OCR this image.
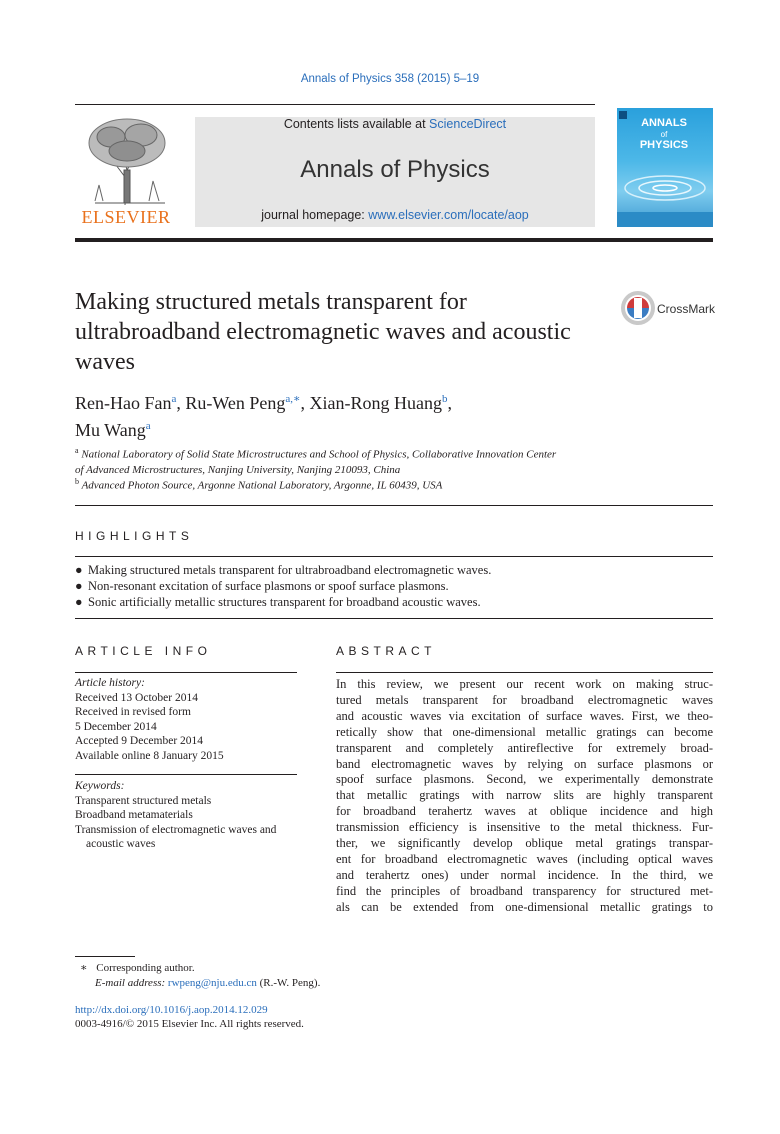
Annals of Physics 358 (2015) 5–19
ELSEVIER
Contents lists available at ScienceDirect
Annals of Physics
journal homepage: www.elsevier.com/locate/aop
ANNALS
of
PHYSICS
Making structured metals transparent for ultrabroadband electromagnetic waves and acoustic waves
CrossMark
Ren-Hao Fan$^a$, Ru-Wen Peng$^{a,∗}$, Xian-Rong Huang$^b$,
Mu Wang$^a$
$^a$ National Laboratory of Solid State Microstructures and School of Physics, Collaborative Innovation Center
of Advanced Microstructures, Nanjing University, Nanjing 210093, China
$^b$ Advanced Photon Source, Argonne National Laboratory, Argonne, IL 60439, USA
HIGHLIGHTS
● Making structured metals transparent for ultrabroadband electromagnetic waves.
● Non-resonant excitation of surface plasmons or spoof surface plasmons.
● Sonic artificially metallic structures transparent for broadband acoustic waves.
ARTICLE INFO
Article history:
Received 13 October 2014
Received in revised form
5 December 2014
Accepted 9 December 2014
Available online 8 January 2015
Keywords:
Transparent structured metals
Broadband metamaterials
Transmission of electromagnetic waves and
acoustic waves
ABSTRACT
In this review, we present our recent work on making struc-
tured metals transparent for broadband electromagnetic waves
and acoustic waves via excitation of surface waves. First, we theo-
retically show that one-dimensional metallic gratings can become
transparent and completely antireflective for extremely broad-
band electromagnetic waves by relying on surface plasmons or
spoof surface plasmons. Second, we experimentally demonstrate
that metallic gratings with narrow slits are highly transparent
for broadband terahertz waves at oblique incidence and high
transmission efficiency is insensitive to the metal thickness. Fur-
ther, we significantly develop oblique metal gratings transpar-
ent for broadband electromagnetic waves (including optical waves
and terahertz ones) under normal incidence. In the third, we
find the principles of broadband transparency for structured met-
als can be extended from one-dimensional metallic gratings to
∗ Corresponding author.
E-mail address: rwpeng@nju.edu.cn (R.-W. Peng).
http://dx.doi.org/10.1016/j.aop.2014.12.029
0003-4916/© 2015 Elsevier Inc. All rights reserved.
